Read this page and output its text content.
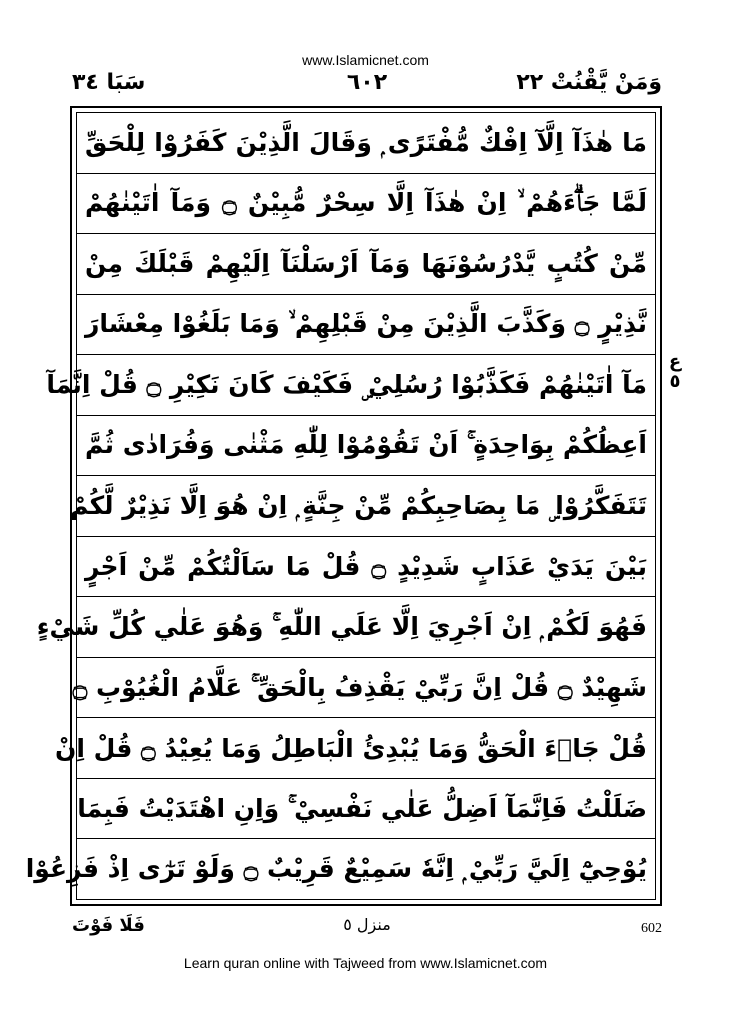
www.Islamicnet.com
سَبَا ٣٤	٦٠٢	وَمَنْ يَّقْنُتْ ٢٢
مَا هٰذَآ اِلَّآ اِفْكٌ مُّفْتَرًى ۭ وَقَالَ الَّذِيْنَ كَفَرُوْا لِلْحَقِّ
لَمَّا جَاۗءَهُمْ ۙ اِنْ هٰذَآ اِلَّا سِحْرٌ مُّبِيْنٌ ۝ وَمَآ اٰتَيْنٰهُمْ
مِّنْ كُتُبٍ يَّدْرُسُوْنَهَا وَمَآ اَرْسَلْنَآ اِلَيْهِمْ قَبْلَكَ مِنْ
نَّذِيْرٍ ۝ وَكَذَّبَ الَّذِيْنَ مِنْ قَبْلِهِمْ ۙ وَمَا بَلَغُوْا مِعْشَارَ
مَآ اٰتَيْنٰهُمْ فَكَذَّبُوْا رُسُلِيْ ۣ فَكَيْفَ كَانَ نَكِيْرِ ۝ قُلْ اِنَّمَآ
اَعِظُكُمْ بِوَاحِدَةٍ ۚ اَنْ تَقُوْمُوْا لِلّٰهِ مَثْنٰى وَفُرَادٰى ثُمَّ
تَتَفَكَّرُوْا ۣ مَا بِصَاحِبِكُمْ مِّنْ جِنَّةٍ ۭ اِنْ هُوَ اِلَّا نَذِيْرٌ لَّكُمْ
بَيْنَ يَدَيْ عَذَابٍ شَدِيْدٍ ۝ قُلْ مَا سَاَلْتُكُمْ مِّنْ اَجْرٍ
فَهُوَ لَكُمْ ۭ اِنْ اَجْرِيَ اِلَّا عَلَي اللّٰهِ ۚ وَهُوَ عَلٰي كُلِّ شَيْءٍ
شَهِيْدٌ ۝ قُلْ اِنَّ رَبِّيْ يَقْذِفُ بِالْحَقِّ ۚ عَلَّامُ الْغُيُوْبِ ۝
قُلْ جَاۗءَ الْحَقُّ وَمَا يُبْدِئُ الْبَاطِلُ وَمَا يُعِيْدُ ۝ قُلْ اِنْ
ضَلَلْتُ فَاِنَّمَآ اَضِلُّ عَلٰي نَفْسِيْ ۚ وَاِنِ اهْتَدَيْتُ فَبِمَا
يُوْحِيْٓ اِلَيَّ رَبِّيْ ۭ اِنَّهٗ سَمِيْعٌ قَرِيْبٌ ۝ وَلَوْ تَرٰٓى اِذْ فَزِعُوْا
ع ٥
فَلَا فَوْتَ	منزل ٥	602
Learn quran online with Tajweed from www.Islamicnet.com
